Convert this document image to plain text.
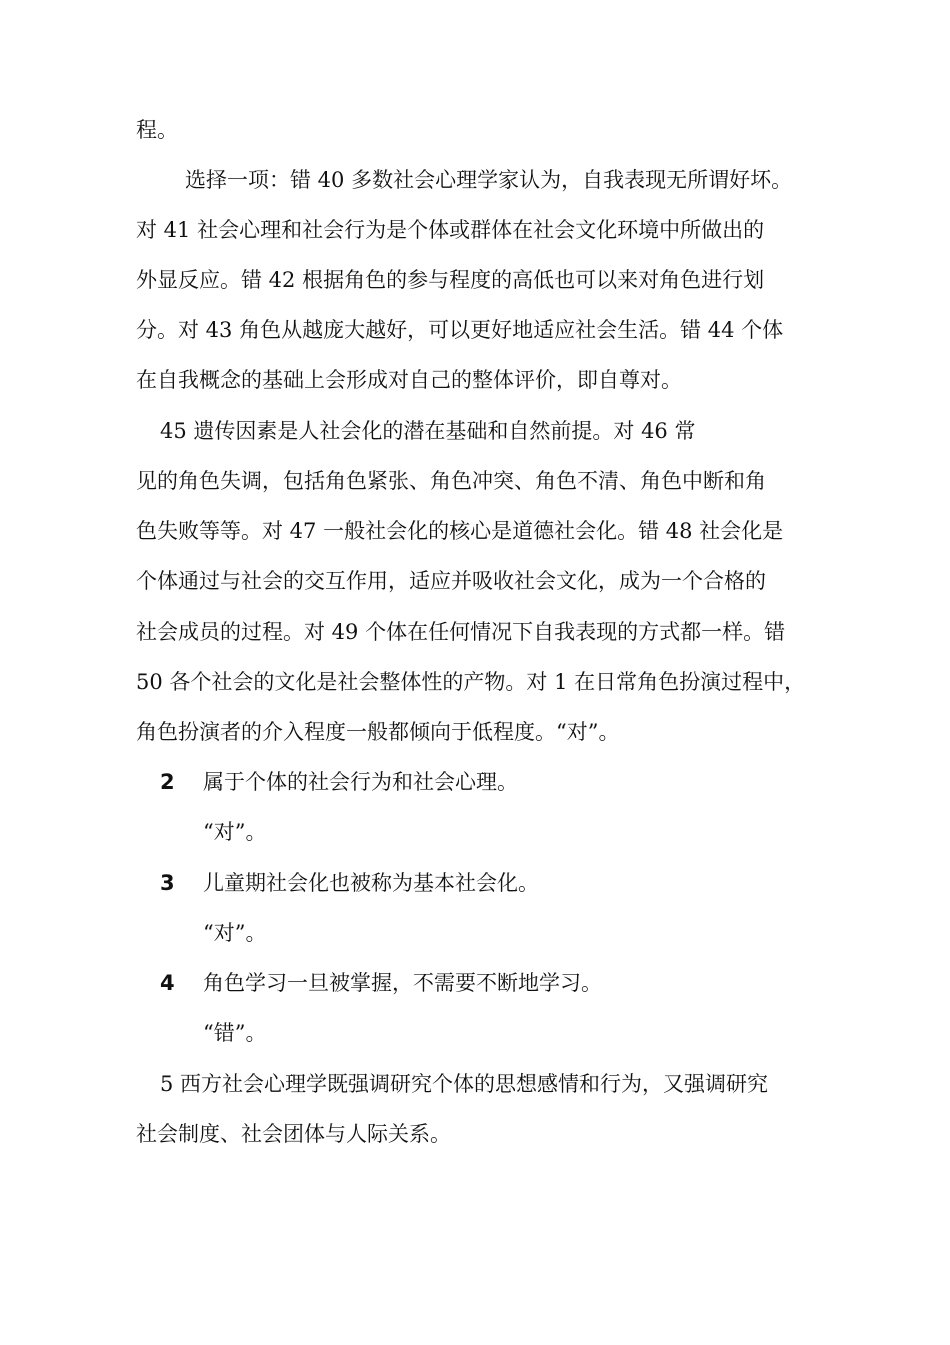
程。
选择一项：错 40 多数社会心理学家认为，自我表现无所谓好坏。
对 41 社会心理和社会行为是个体或群体在社会文化环境中所做出的
外显反应。错 42 根据角色的参与程度的高低也可以来对角色进行划
分。对 43 角色从越庞大越好，可以更好地适应社会生活。错 44 个体
在自我概念的基础上会形成对自己的整体评价，即自尊对。
45 遗传因素是人社会化的潜在基础和自然前提。对 46 常
见的角色失调，包括角色紧张、角色冲突、角色不清、角色中断和角
色失败等等。对 47 一般社会化的核心是道德社会化。错 48 社会化是
个体通过与社会的交互作用，适应并吸收社会文化，成为一个合格的
社会成员的过程。对 49 个体在任何情况下自我表现的方式都一样。错
50 各个社会的文化是社会整体性的产物。对 1 在日常角色扮演过程中，
角色扮演者的介入程度一般都倾向于低程度。“对”。
2 属于个体的社会行为和社会心理。
“对”。
3 儿童期社会化也被称为基本社会化。
“对”。
4 角色学习一旦被掌握，不需要不断地学习。
“错”。
5 西方社会心理学既强调研究个体的思想感情和行为，又强调研究
社会制度、社会团体与人际关系。
